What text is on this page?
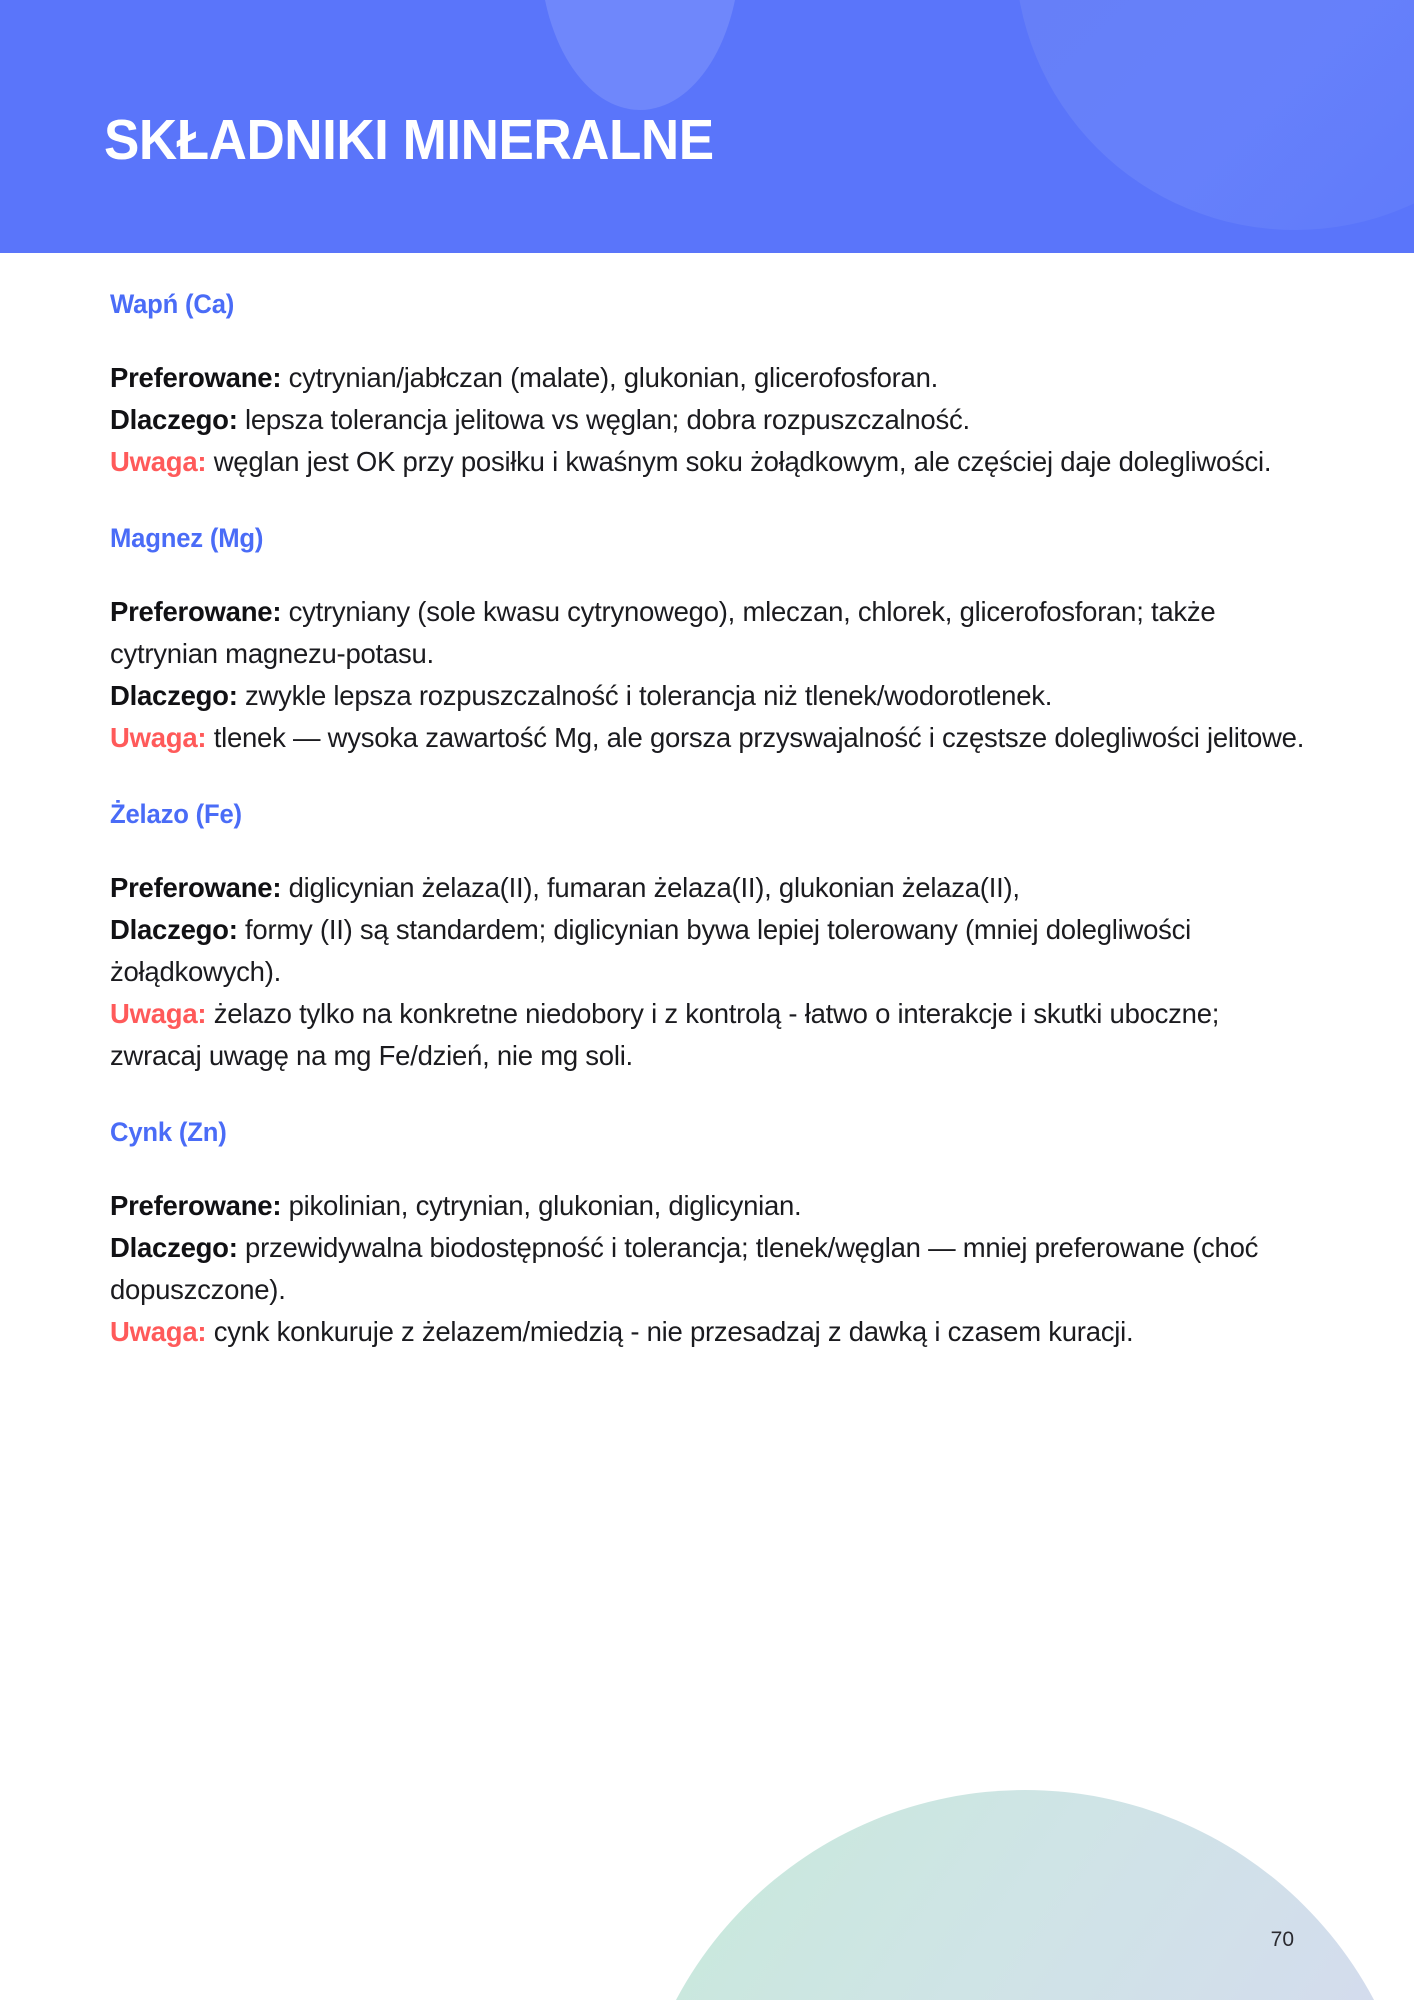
SKŁADNIKI MINERALNE
Wapń (Ca)
Preferowane: cytrynian/jabłczan (malate), glukonian, glicerofosforan.
Dlaczego: lepsza tolerancja jelitowa vs węglan; dobra rozpuszczalność.
Uwaga: węglan jest OK przy posiłku i kwaśnym soku żołądkowym, ale częściej daje dolegliwości.
Magnez (Mg)
Preferowane: cytryniany (sole kwasu cytrynowego), mleczan, chlorek, glicerofosforan; także cytrynian magnezu-potasu.
Dlaczego: zwykle lepsza rozpuszczalność i tolerancja niż tlenek/wodorotlenek.
Uwaga: tlenek — wysoka zawartość Mg, ale gorsza przyswajalność i częstsze dolegliwości jelitowe.
Żelazo (Fe)
Preferowane: diglicynian żelaza(II), fumaran żelaza(II), glukonian żelaza(II),
Dlaczego: formy (II) są standardem; diglicynian bywa lepiej tolerowany (mniej dolegliwości żołądkowych).
Uwaga: żelazo tylko na konkretne niedobory i z kontrolą - łatwo o interakcje i skutki uboczne; zwracaj uwagę na mg Fe/dzień, nie mg soli.
Cynk (Zn)
Preferowane: pikolinian, cytrynian, glukonian, diglicynian.
Dlaczego: przewidywalna biodostępność i tolerancja; tlenek/węglan — mniej preferowane (choć dopuszczone).
Uwaga: cynk konkuruje z żelazem/miedzią - nie przesadzaj z dawką i czasem kuracji.
70
